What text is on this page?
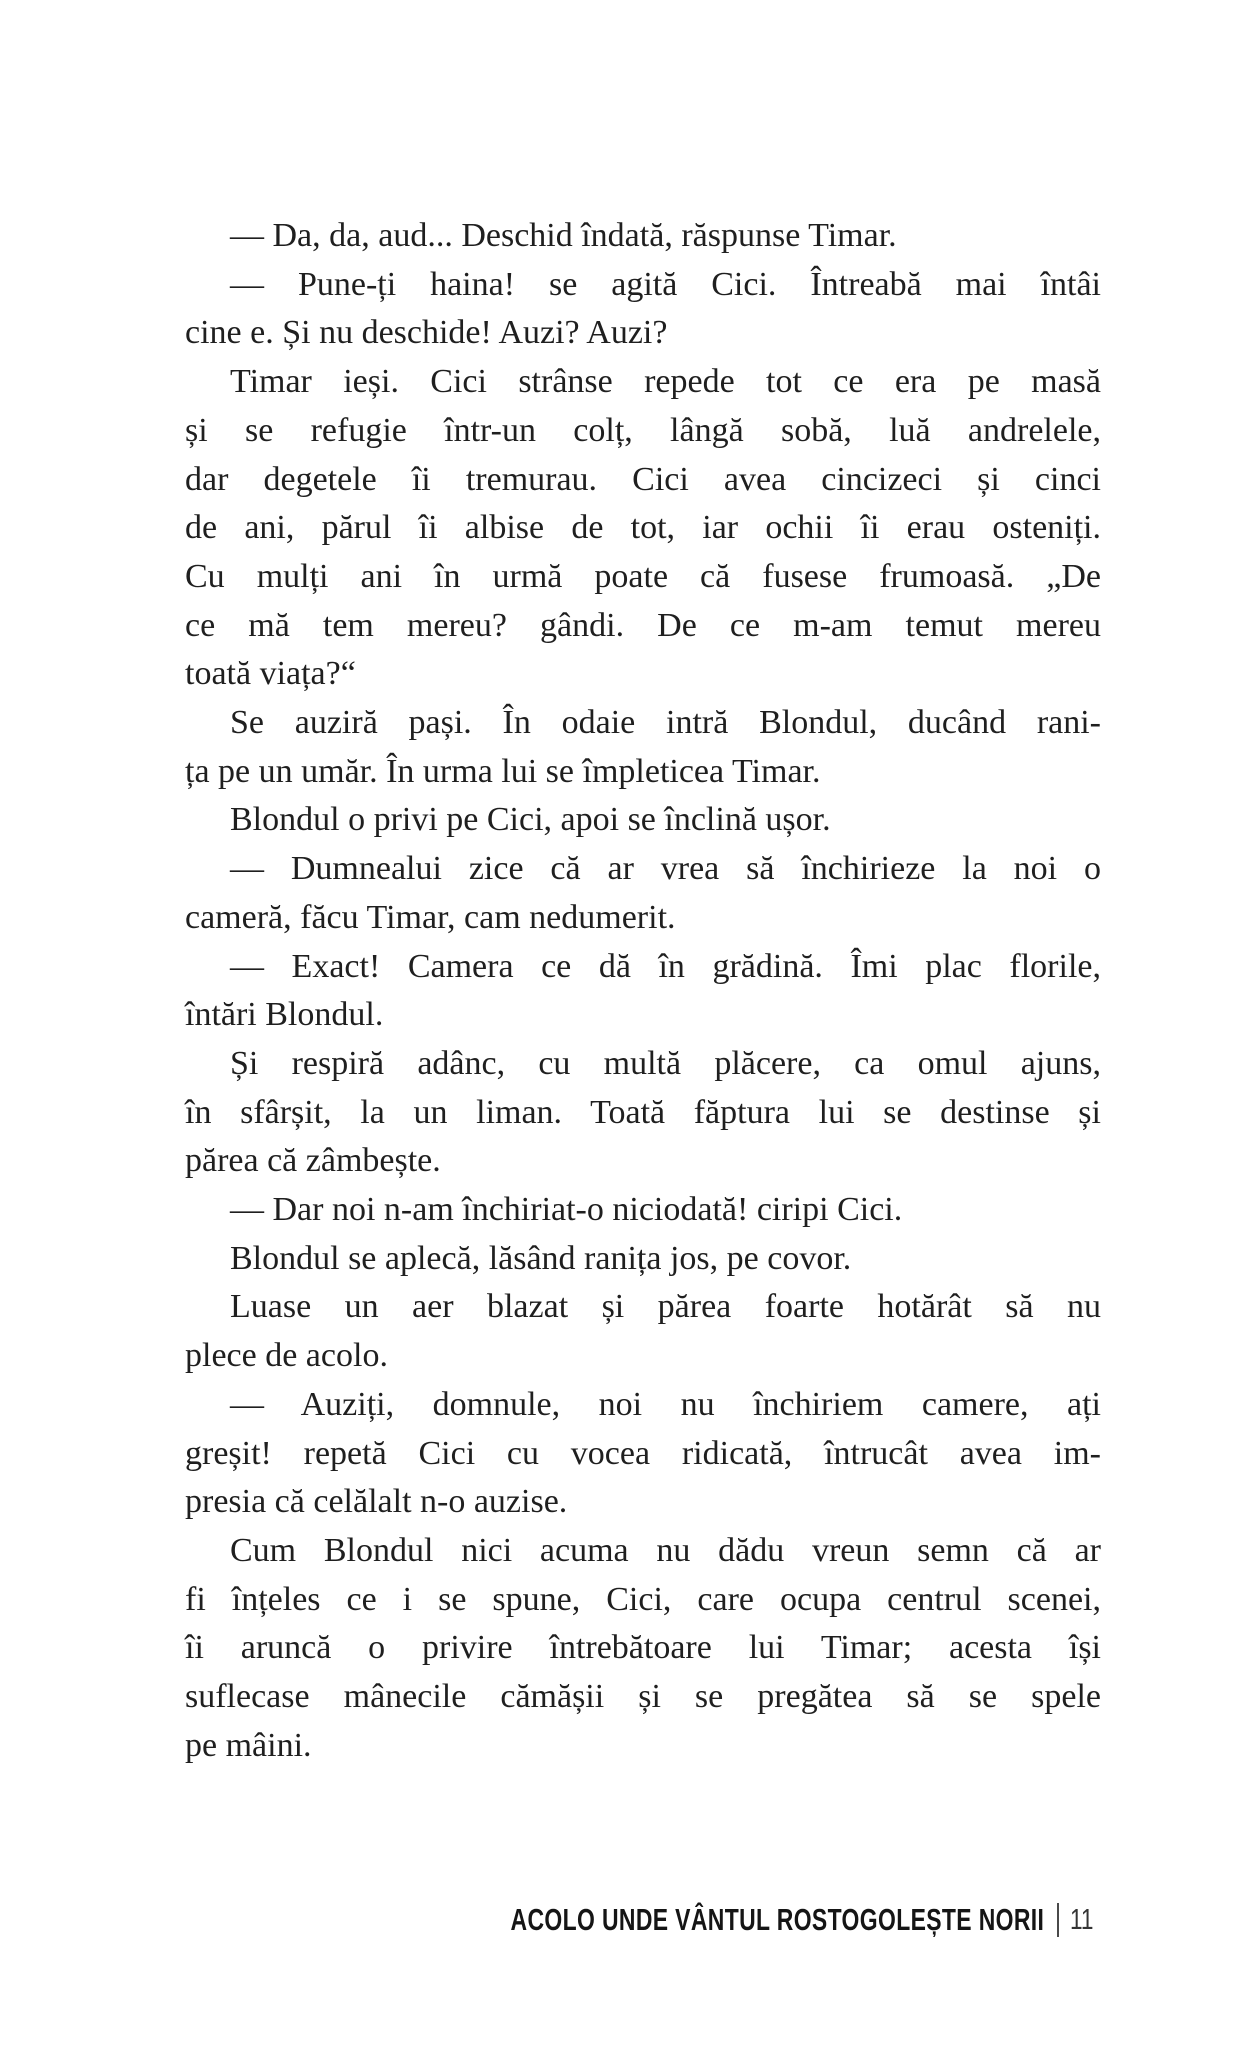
— Da, da, aud... Deschid îndată, răspunse Timar.

— Pune-ți haina! se agită Cici. Întreabă mai întâi
cine e. Și nu deschide! Auzi? Auzi?

Timar ieși. Cici strânse repede tot ce era pe masă
și se refugie într-un colț, lângă sobă, luă andrelele,
dar degetele îi tremurau. Cici avea cincizeci și cinci
de ani, părul îi albise de tot, iar ochii îi erau osteniți.
Cu mulți ani în urmă poate că fusese frumoasă. „De
ce mă tem mereu? gândi. De ce m-am temut mereu
toată viața?“

Se auziră pași. În odaie intră Blondul, ducând rani-
ța pe un umăr. În urma lui se împleticea Timar.

Blondul o privi pe Cici, apoi se înclină ușor.

— Dumnealui zice că ar vrea să închirieze la noi o
cameră, făcu Timar, cam nedumerit.

— Exact! Camera ce dă în grădină. Îmi plac florile,
întări Blondul.

Și respiră adânc, cu multă plăcere, ca omul ajuns,
în sfârșit, la un liman. Toată făptura lui se destinse și
părea că zâmbește.

— Dar noi n-am închiriat-o niciodată! ciripi Cici.

Blondul se aplecă, lăsând ranița jos, pe covor.

Luase un aer blazat și părea foarte hotărât să nu
plece de acolo.

— Auziți, domnule, noi nu închiriem camere, ați
greșit! repetă Cici cu vocea ridicată, întrucât avea im-
presia că celălalt n-o auzise.

Cum Blondul nici acuma nu dădu vreun semn că ar
fi înțeles ce i se spune, Cici, care ocupa centrul scenei,
îi aruncă o privire întrebătoare lui Timar; acesta își
suflecase mânecile cămășii și se pregătea să se spele
pe mâini.

ACOLO UNDE VÂNTUL ROSTOGOLEȘTE NORII 11
